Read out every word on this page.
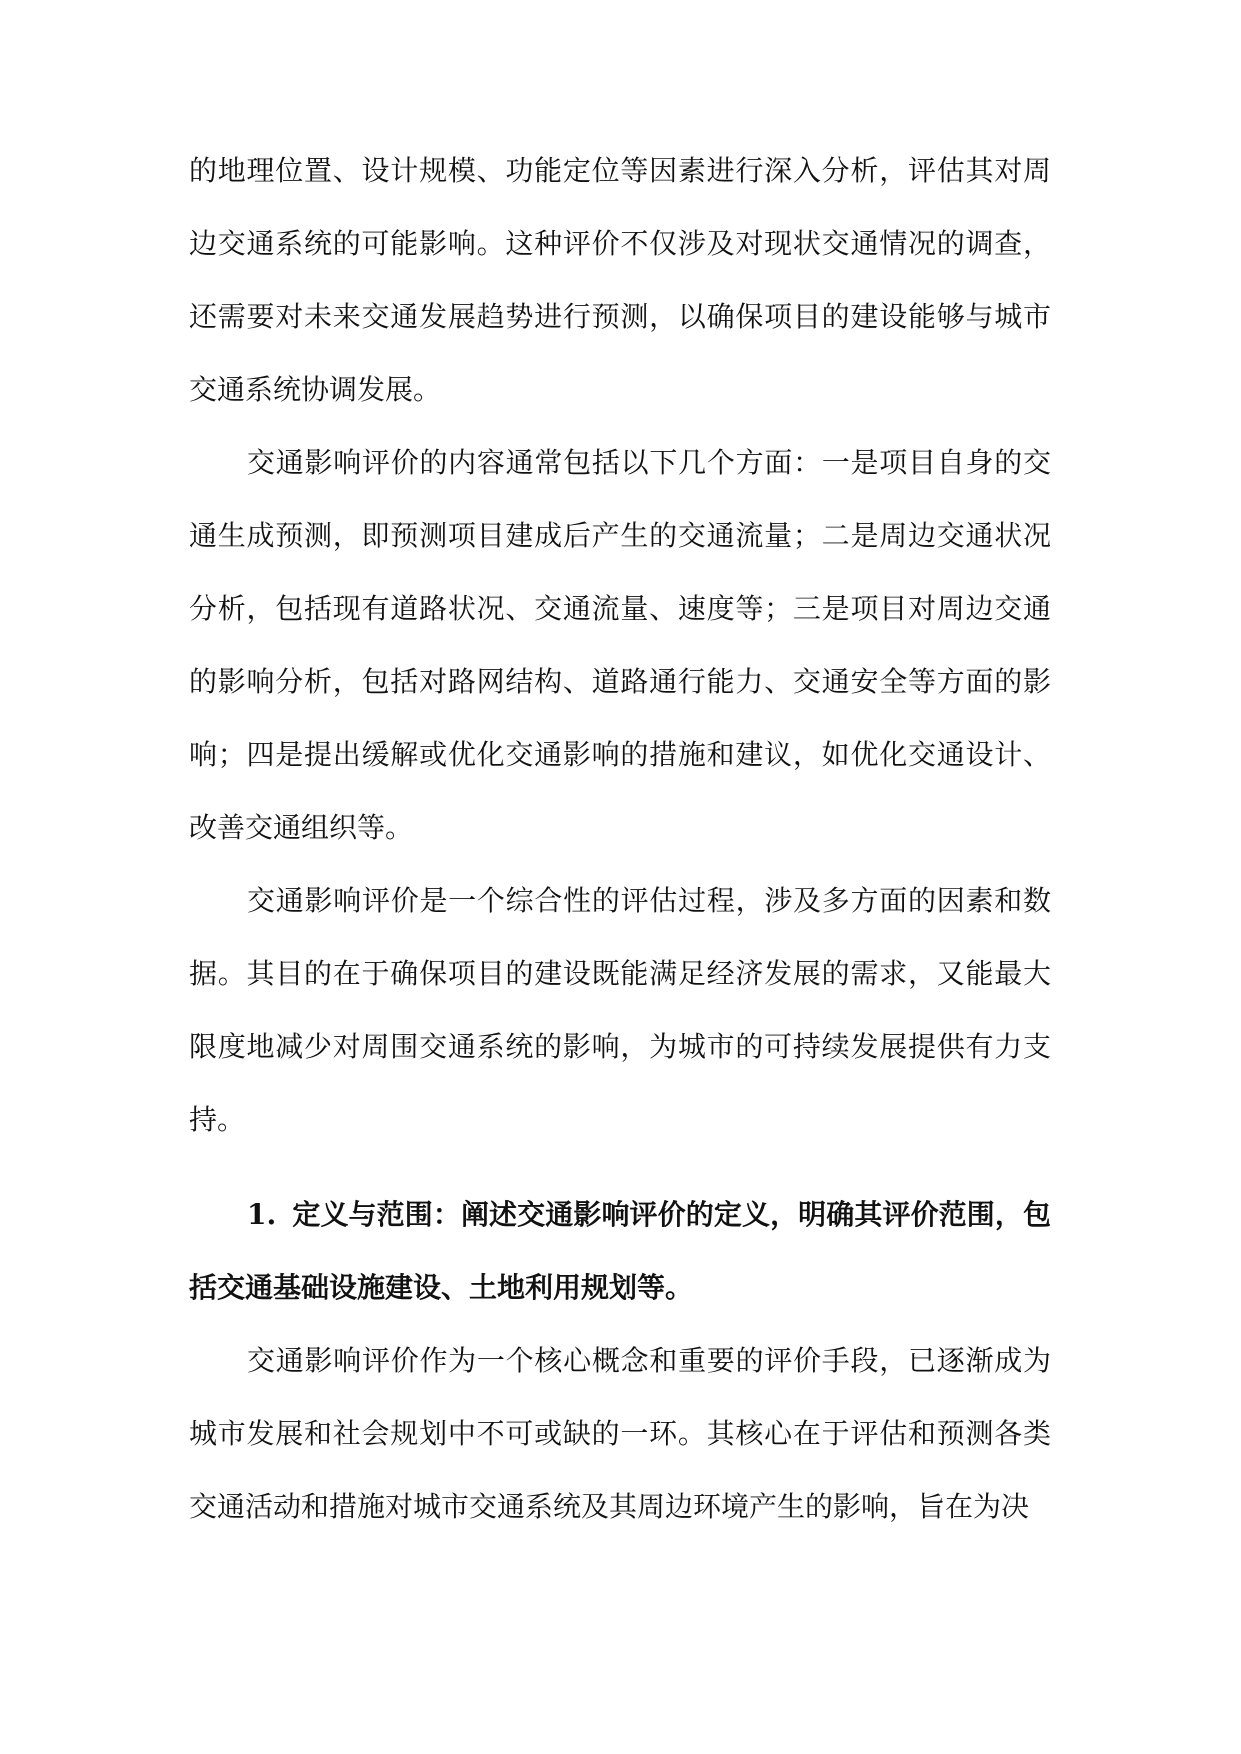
的地理位置、设计规模、功能定位等因素进行深入分析，评估其对周边交通系统的可能影响。这种评价不仅涉及对现状交通情况的调查，还需要对未来交通发展趋势进行预测，以确保项目的建设能够与城市交通系统协调发展。

交通影响评价的内容通常包括以下几个方面：一是项目自身的交通生成预测，即预测项目建成后产生的交通流量；二是周边交通状况分析，包括现有道路状况、交通流量、速度等；三是项目对周边交通的影响分析，包括对路网结构、道路通行能力、交通安全等方面的影响；四是提出缓解或优化交通影响的措施和建议，如优化交通设计、改善交通组织等。

交通影响评价是一个综合性的评估过程，涉及多方面的因素和数据。其目的在于确保项目的建设既能满足经济发展的需求，又能最大限度地减少对周围交通系统的影响，为城市的可持续发展提供有力支持。

1. 定义与范围：阐述交通影响评价的定义，明确其评价范围，包括交通基础设施建设、土地利用规划等。

交通影响评价作为一个核心概念和重要的评价手段，已逐渐成为城市发展和社会规划中不可或缺的一环。其核心在于评估和预测各类交通活动和措施对城市交通系统及其周边环境产生的影响，旨在为决
